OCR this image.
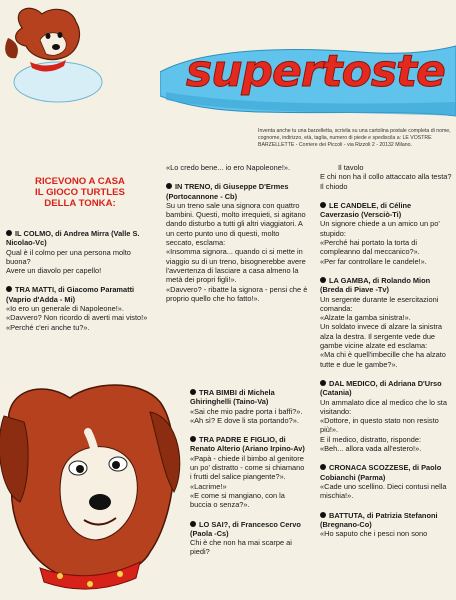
supertoste
Inventa anche tu una barzelletta, scrivila su una cartolina postale completa di nome, cognome, indirizzo, età, taglia, numero di piede e spediscila a: LE VOSTRE BARZELLETTE - Corriere dei Piccoli - via Rizzoli 2 - 20132 Milano.
RICEVONO A CASA
IL GIOCO TURTLES
DELLA TONKA:
IL COLMO, di Andrea Mirra (Valle S. Nicolao-Vc)
Qual è il colmo per una persona molto buona?
Avere un diavolo per capello!
TRA MATTI, di Giacomo Paramatti (Vaprio d'Adda - Mi)
«Io ero un generale di Napoleone!».
«Davvero? Non ricordo di averti mai visto!»
«Perché c'eri anche tu?».
«Lo credo bene... io ero Napoleone!».
IN TRENO, di Giuseppe D'Ermes (Portocannone - Cb)
Su un treno sale una signora con quattro bambini. Questi, molto irrequieti, si agitano dando disturbo a tutti gli altri viaggiatori. A un certo punto uno di questi, molto seccato, esclama:
«Insomma signora... quando ci si mette in viaggio su di un treno, bisognerebbe avere l'avvertenza di lasciare a casa almeno la metà dei propri figli!».
«Davvero? - ribatte la signora - pensi che è proprio quello che ho fatto!».
TRA BIMBI di Michela Ghiringhelli (Taino-Va)
«Sai che mio padre porta i baffi?».
«Ah sì? E dove li sta portando?».
TRA PADRE E FIGLIO, di Renato Alterio (Ariano Irpino-Av)
«Papà - chiede il bimbo al genitore un po' distratto - come si chiamano i frutti del salice piangente?».
«Lacrime!»
«E come si mangiano, con la buccia o senza?».
LO SAI?, di Francesco Cervo (Paola -Cs)
Chi è che non ha mai scarpe ai piedi?
Il tavolo
E chi non ha il collo attaccato alla testa?
Il chiodo
LE CANDELE, di Céline Caverzasio (Versciò-Ti)
Un signore chiede a un amico un po' stupido:
«Perché hai portato la torta di compleanno dal meccanico?».
«Per far controllare le candele!».
LA GAMBA, di Rolando Mion (Breda di Piave -Tv)
Un sergente durante le esercitazioni comanda:
«Alzate la gamba sinistra!».
Un soldato invece di alzare la sinistra alza la destra. Il sergente vede due gambe vicine alzate ed esclama:
«Ma chi è quell'imbecille che ha alzato tutte e due le gambe?».
DAL MEDICO, di Adriana D'Urso (Catania)
Un ammalato dice al medico che lo sta visitando:
«Dottore, in questo stato non resisto più!».
E il medico, distratto, risponde:
«Beh... allora vada all'estero!».
CRONACA SCOZZESE, di Paolo Cobianchi (Parma)
«Cade uno scellino. Dieci contusi nella mischia!».
BATTUTA, di Patrizia Stefanoni (Bregnano-Co)
«Ho saputo che i pesci non sono
